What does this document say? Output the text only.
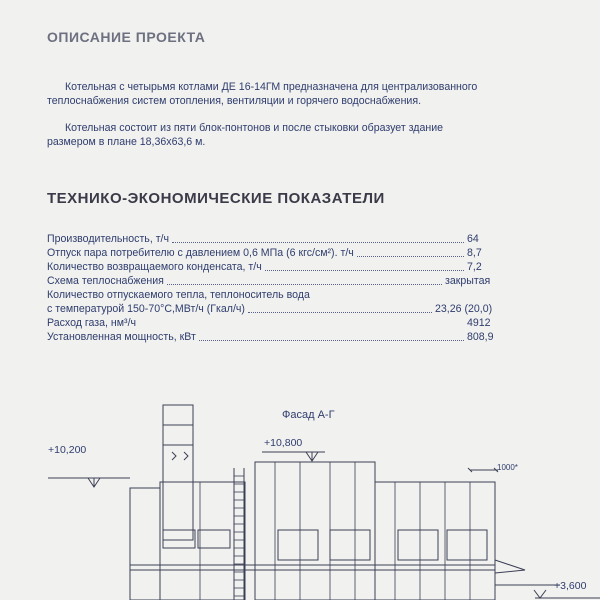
ОПИСАНИЕ ПРОЕКТА
Котельная с четырьмя котлами ДЕ 16-14ГМ предназначена для централизованного теплоснабжения систем отопления, вентиляции и горячего водоснабжения.
Котельная состоит из пяти блок-понтонов и после стыковки образует здание размером в плане 18,36х63,6 м.
ТЕХНИКО-ЭКОНОМИЧЕСКИЕ ПОКАЗАТЕЛИ
Производительность, т/ч	64
Отпуск пара потребителю с давлением 0,6 МПа (6 кгс/см²). т/ч	8,7
Количество возвращаемого конденсата, т/ч	7,2
Схема теплоснабжения	закрытая
Количество отпускаемого тепла, теплоноситель вода
с температурой 150-70°С,МВт/ч (Гкал/ч)	23,26 (20,0)
Расход газа, нм³/ч	4912
Установленная мощность, кВт	808,9
Фасад А-Г
+10,200
+10,800
1000*
+3,600
